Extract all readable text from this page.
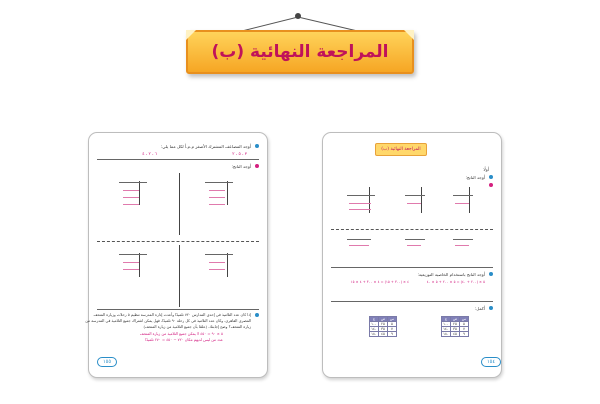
المراجعة النهائية (ب)
أوجد المضاعف المشترك الأصغر م.م.أ لكل مما يلي:
٦ ، ٢ ، ٤	٣ ، ٥ ، ٢
أوجد الناتج:
إذا كان عدد التلاميذ في إحدى المدارس ٧٢٠ تلميذًا وأعدت إدارة المدرسة تنظيم ٥ رحلات وزيارة المتحف
المصري القاهري، وكان عدد التلاميذ في كل رحلة ٩٠ تلميذًا، فهل يمكن اشتراك جميع التلاميذ في المدرسة من
زيارة المتحف؟ وضح إجابتك. (علمًا بأن جميع التلاميذ من زيارة المتحف)
٥ × ٩٠ = ٤٥٠ لا يمكن جميع التلاميذ من زيارة المتحف
عدد من ليس لديهم مكان ٧٢٠ − ٤٥٠ = ٢٧٠ تلميذًا
١٥٥
المراجعة النهائية (ب)
أولًا
أوجد الناتج:
أوجد الناتج باستخدام الخاصية التوزيعية:
٥ × (٢٠٠ + ٤٠) = ٥ × ٢٠٠ + ٥ × ٤٠
٤ × (٣٠٠ + ١٥) = ٤ × ٣٠٠ + ٤ × ١٥
أكمل:
ع	ص	س
١٠٠	٢٥	٥
١٤٠	٣٥	٧
١٨٠	٤٥	٩
ع	ص	س
١٠٠	٢٥	٥
١٤٠	٣٥	٧
١٨٠	٤٥	٩
١٥٤
